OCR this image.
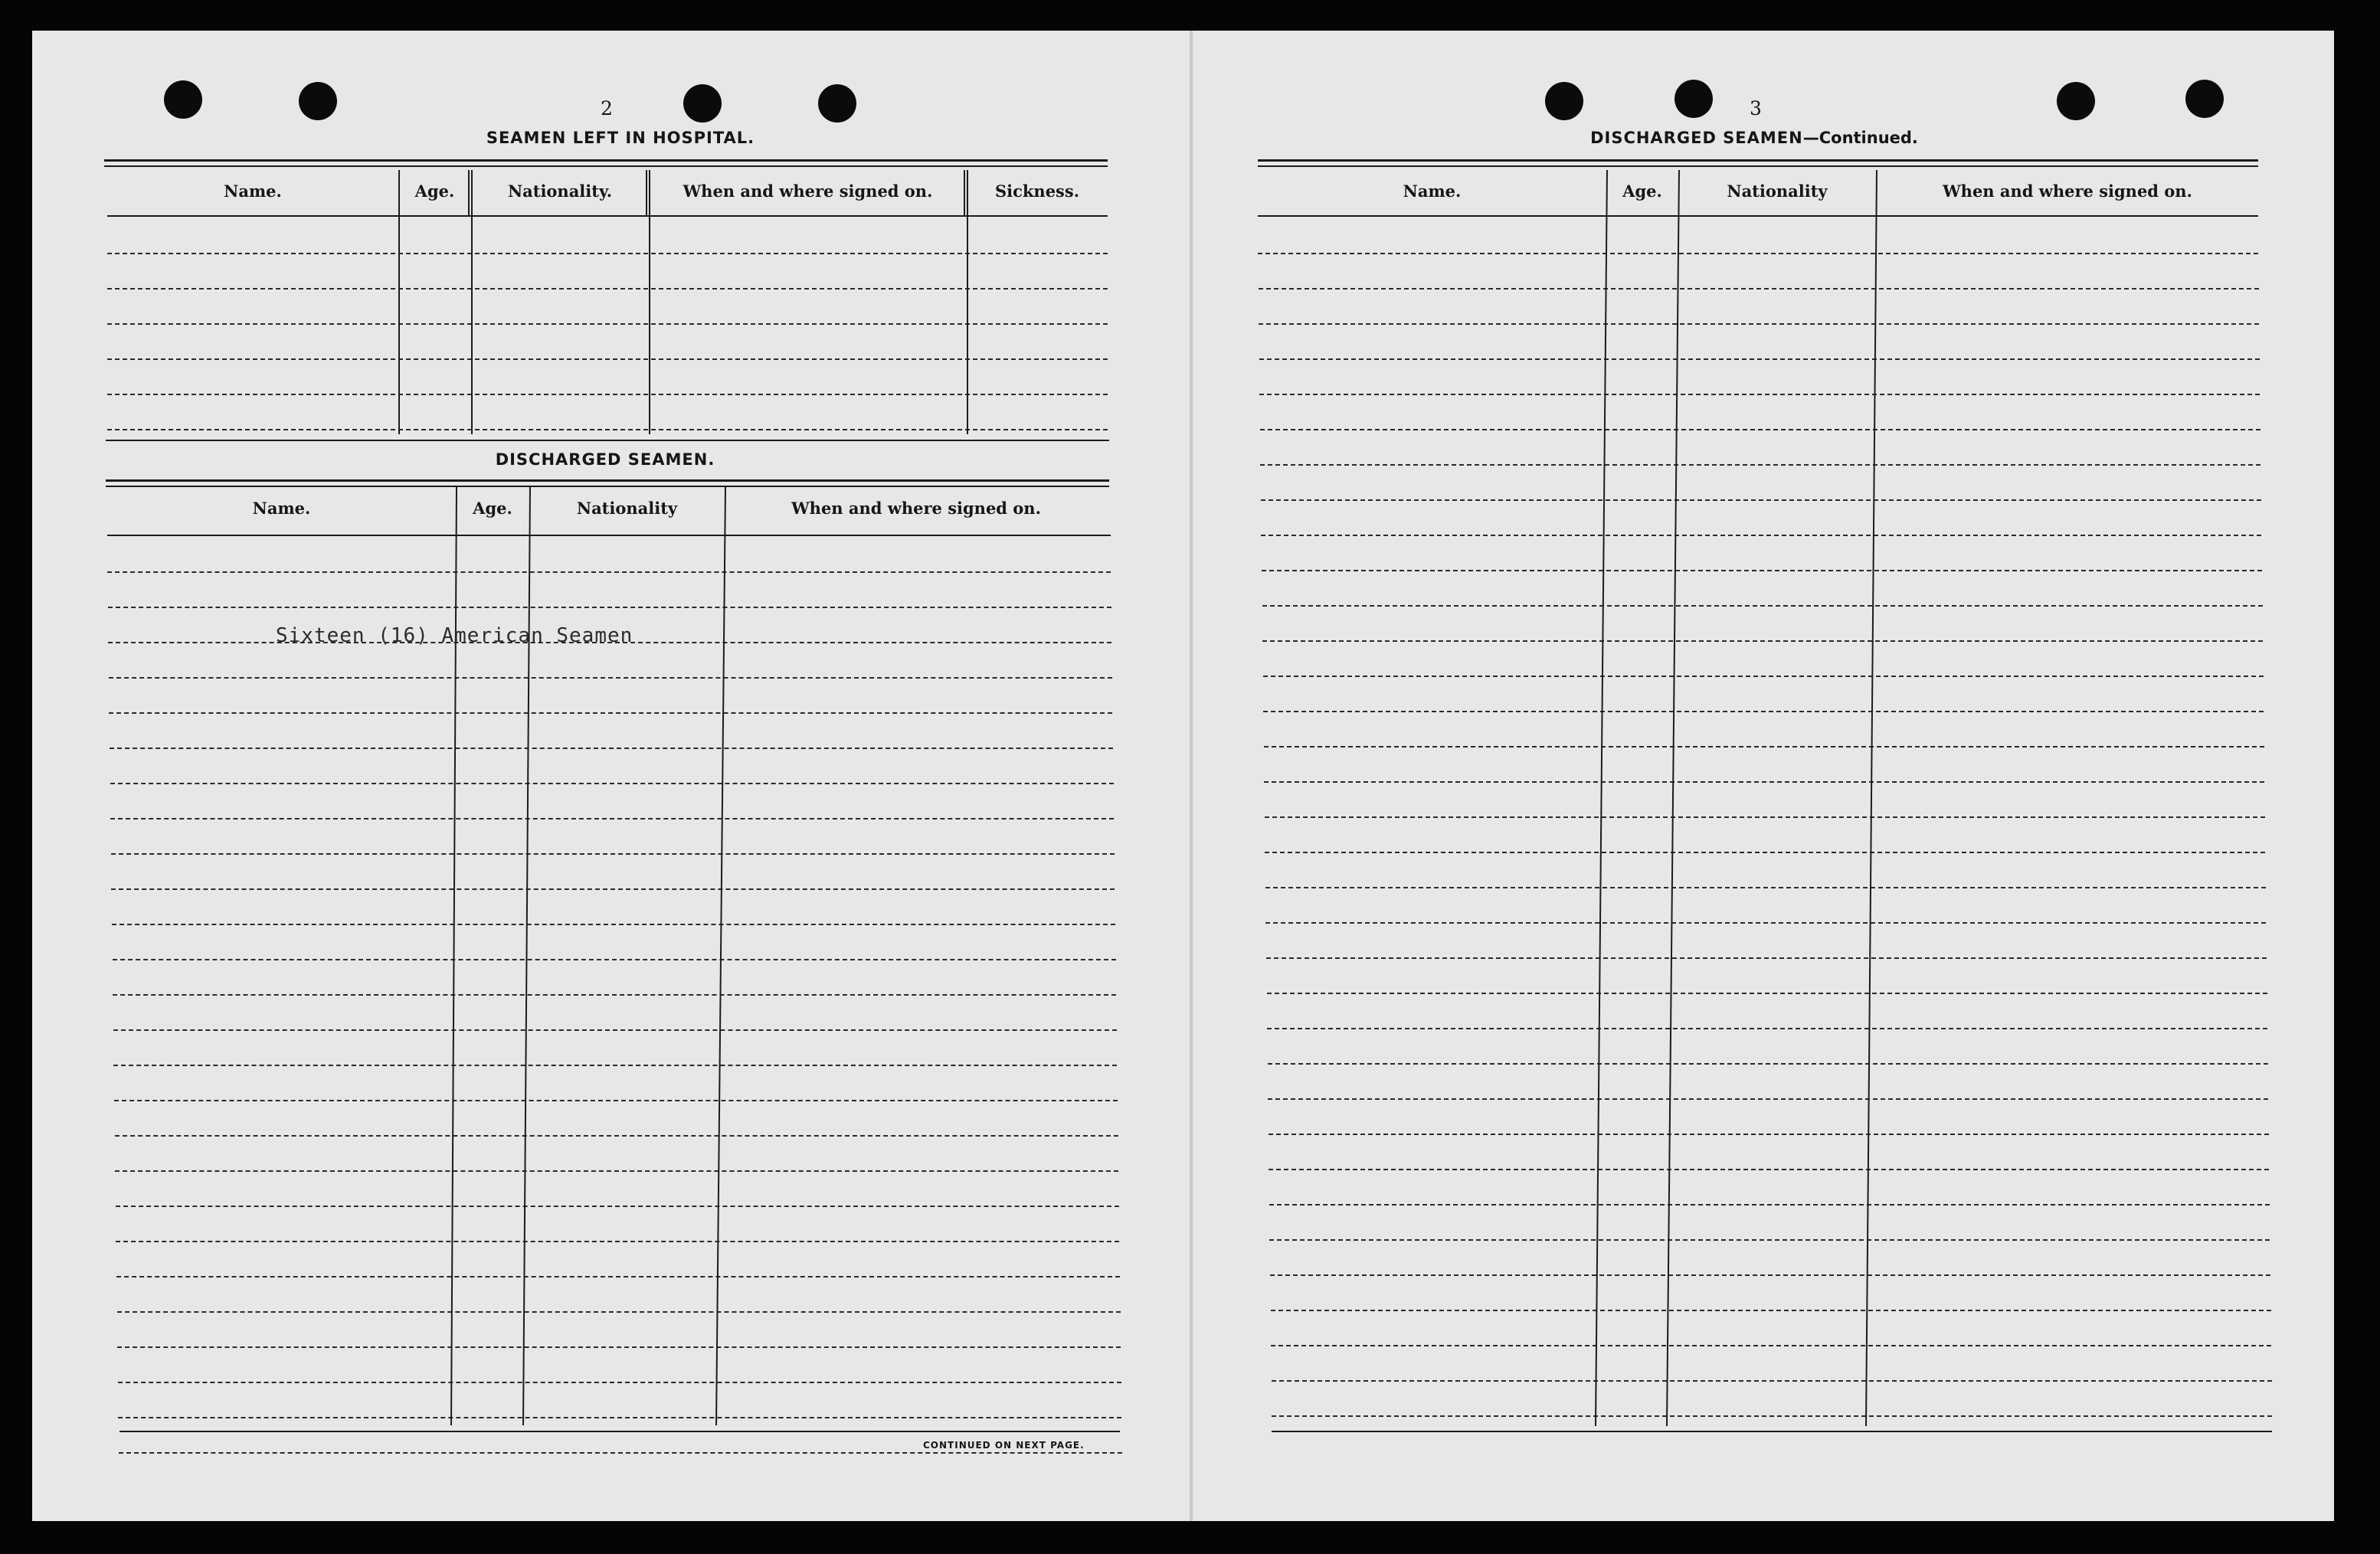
2
SEAMEN LEFT IN HOSPITAL.
Name.	Age.	Nationality.	When and where signed on.	Sickness.
DISCHARGED SEAMEN.
Name.	Age.	Nationality	When and where signed on.
Sixteen (16) American Seamen
CONTINUED ON NEXT PAGE.
3
DISCHARGED SEAMEN—Continued.
Name.	Age.	Nationality	When and where signed on.
